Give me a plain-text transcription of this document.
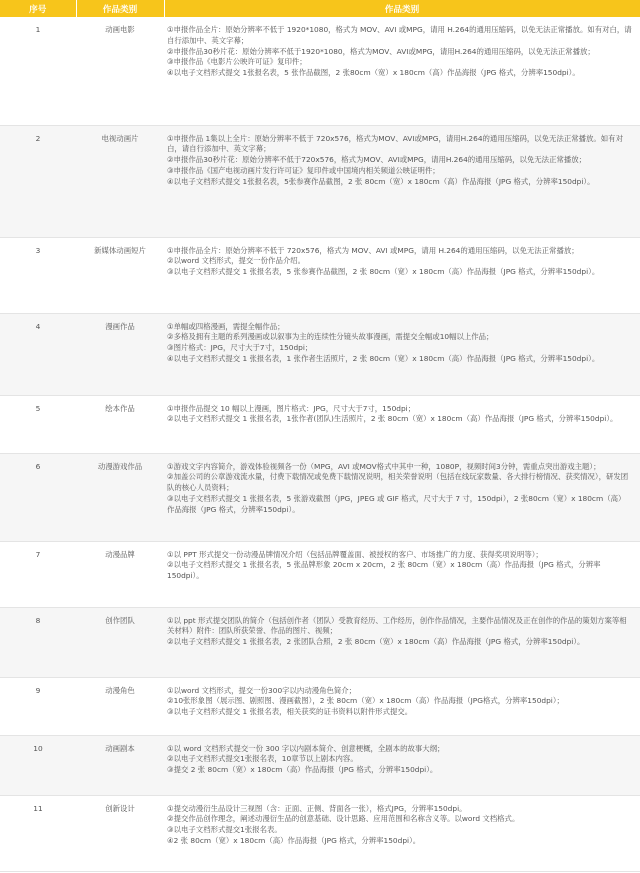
序号	作品类别	作品类别
1	动画电影	①申报作品全片：原始分辨率不低于 1920*1080，格式为 MOV、AVI 或MPG，请用 H.264的通用压缩码，以免无法正常播放。如有对白，请自行添加中、英文字幕；
②申报作品30秒片花：原始分辨率不低于1920*1080，格式为MOV、AVI或MPG，请用H.264的通用压缩码，以免无法正常播放；
③申报作品《电影片公映许可证》复印件；
④以电子文档形式提交 1张报名表，5 张作品截图，2 张80cm（宽）x 180cm（高）作品海报（JPG 格式，分辨率150dpi）。

2	电视动画片	①申报作品 1集以上全片：原始分辨率不低于 720x576，格式为MOV、AVI或MPG，请用H.264的通用压缩码，以免无法正常播放。如有对白，请自行添加中、英文字幕；
②申报作品30秒片花：原始分辨率不低于720x576，格式为MOV、AVI或MPG，请用H.264的通用压缩码，以免无法正常播放；
③申报作品《国产电视动画片发行许可证》复印件或中国境内相关频道公映证明件；
④以电子文档形式提交 1张报名表，5张参赛作品截图，2 张 80cm（宽）x 180cm（高）作品海报（JPG 格式，分辨率150dpi）。

3	新媒体动画短片	①申报作品全片：原始分辨率不低于 720x576，格式为 MOV、AVI 或MPG，请用 H.264的通用压缩码，以免无法正常播放；
②以word 文档形式，提交一份作品介绍。
③以电子文档形式提交 1 张报名表，5 张参赛作品截图，2 张 80cm（宽）x 180cm（高）作品海报（JPG 格式，分辨率150dpi）。

4	漫画作品	①单幅或四格漫画，需提全幅作品；
②多格及拥有主题的系列漫画或以叙事为主的连续性分镜头故事漫画，需提交全幅或10幅以上作品；
③图片格式：JPG，尺寸大于7寸，150dpi；
④以电子文档形式提交 1 张报名表，1 张作者生活照片，2 张 80cm（宽）x 180cm（高）作品海报（JPG 格式，分辨率150dpi）。

5	绘本作品	①申报作品提交 10 幅以上漫画，图片格式：JPG，尺寸大于7寸，150dpi；
②以电子文档形式提交 1 张报名表，1张作者(团队)生活照片，2 张 80cm（宽）x 180cm（高）作品海报（JPG 格式，分辨率150dpi）。

6	动漫游戏作品	①游戏文字内容简介，游戏体验视频各一份（MPG，AVI 或MOV格式中其中一种，1080P，视频时间3分钟，需重点突出游戏主题）；
②加盖公司的公章游戏流水量，付费下载情况或免费下载情况说明，相关荣誉说明（包括在线玩家数量、各大排行榜情况、获奖情况），研发团队的核心人员资料；
③以电子文档形式提交 1 张报名表，5 张游戏截图（JPG，JPEG 或 GIF 格式，尺寸大于 7 寸，150dpi），2 张80cm（宽）x 180cm（高）作品海报（JPG 格式，分辨率150dpi）。

7	动漫品牌	①以 PPT 形式提交一份动漫品牌情况介绍（包括品牌覆盖面、被授权的客户、市场推广的力度、获得奖项说明等）；
②以电子文档形式提交 1 张报名表，5 张品牌形象 20cm x 20cm，2 张 80cm（宽）x 180cm（高）作品海报（JPG 格式，分辨率150dpi）。

8	创作团队	①以 ppt 形式提交团队的简介（包括创作者（团队）受教育经历、工作经历，创作作品情况，主要作品情况及正在创作的作品的策划方案等相关材料）附件：团队所获荣誉、作品的图片、视频；
②以电子文档形式提交 1 张报名表，2 张团队合照，2 张 80cm（宽）x 180cm（高）作品海报（JPG 格式，分辨率150dpi）。

9	动漫角色	①以word 文档形式，提交一份300字以内动漫角色简介；
②10张形象图（展示图、剧照图、漫画截图），2 张 80cm（宽）x 180cm（高）作品海报（JPG格式，分辨率150dpi）；
③以电子文档形式提交 1 张报名表，相关获奖的证书资料以附件形式提交。

10	动画剧本	①以 word 文档形式提交一份 300 字以内剧本简介、创意梗概，全剧本的故事大纲；
②以电子文档形式提交1张报名表，10章节以上剧本内容。
③提交 2 张 80cm（宽）x 180cm（高）作品海报（JPG 格式，分辨率150dpi）。

11	创新设计	①提交动漫衍生品设计三视图（含：正面、正侧、背面各一张），格式JPG，分辨率150dpi。
②提交作品创作理念，阐述动漫衍生品的创意基础、设计思路、应用范围和名称含义等。以word 文档格式。
③以电子文档形式提交1张报名表。
④2 张 80cm（宽）x 180cm（高）作品海报（JPG 格式，分辨率150dpi）。
